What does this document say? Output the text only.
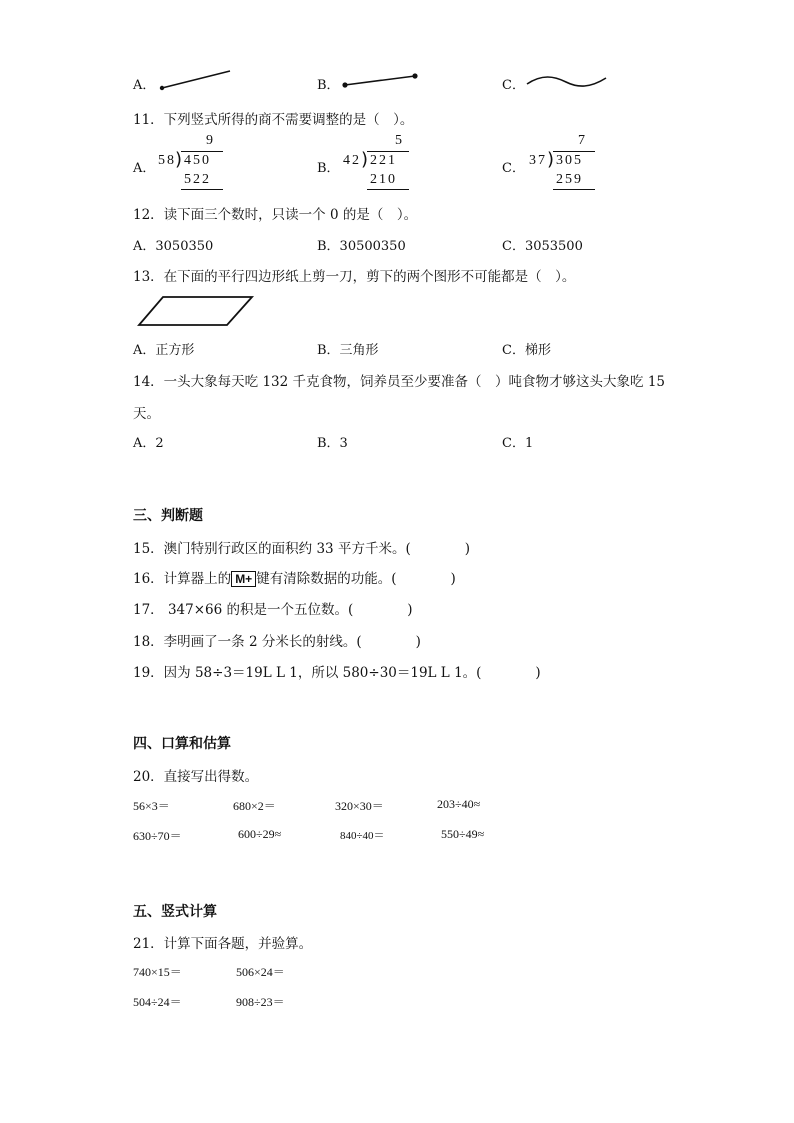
A．	B．	C．
11．下列竖式所得的商不需要调整的是（　）。
A．
9
58 ) 450
522
B．
5
42 ) 221
210
C．
7
37 ) 305
259
12．读下面三个数时，只读一个 0 的是（　）。
A．3050350	B．30500350	C．3053500
13．在下面的平行四边形纸上剪一刀，剪下的两个图形不可能都是（　）。
A．正方形	B．三角形	C．梯形
14．一头大象每天吃 132 千克食物，饲养员至少要准备（　）吨食物才够这头大象吃 15
天。
A．2	B．3	C．1
三、判断题
15．澳门特别行政区的面积约 33 平方千米。(　　　　)
16．计算器上的 M+ 键有清除数据的功能。(　　　　)
17． 347×66 的积是一个五位数。(　　　　)
18．李明画了一条 2 分米长的射线。(　　　　)
19．因为 58÷3＝19L L 1，所以 580÷30＝19L L 1。(　　　　)
四、口算和估算
20．直接写出得数。
56×3＝	680×2＝	320×30＝	203÷40≈
630÷70＝	600÷29≈	840÷40＝	550÷49≈
五、竖式计算
21．计算下面各题，并验算。
740×15＝	506×24＝
504÷24＝	908÷23＝
